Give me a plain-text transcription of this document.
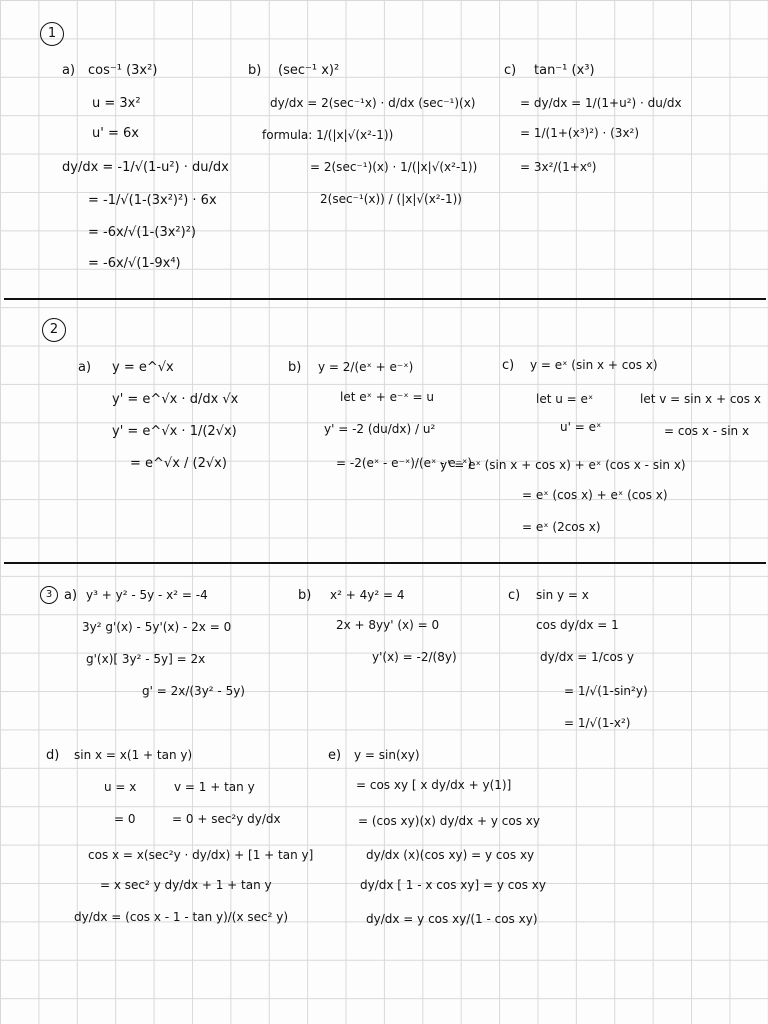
1
a) cos⁻¹ (3x²)
u = 3x²
u' = 6x
dy/dx = -1/√(1-u²) · du/dx
= -1/√(1-(3x²)²) · 6x
= -6x/√(1-(3x²)²)
= -6x/√(1-9x⁴)
b) (sec⁻¹ x)²
dy/dx = 2(sec⁻¹x) · d/dx (sec⁻¹)(x)
formula: 1/(|x|√(x²-1))
= 2(sec⁻¹)(x) · 1/(|x|√(x²-1))
2(sec⁻¹(x)) / (|x|√(x²-1))
c) tan⁻¹ (x³)
= dy/dx = 1/(1+u²) · du/dx
= 1/(1+(x³)²) · (3x²)
= 3x²/(1+x⁶)
2
a) y = e^√x
y' = e^√x · d/dx √x
y' = e^√x · 1/(2√x)
= e^√x / (2√x)
b) y = 2/(eˣ + e⁻ˣ)
let eˣ + e⁻ˣ = u
y' = -2 (du/dx) / u²
= -2(eˣ - e⁻ˣ)/(eˣ - e⁻ˣ)
c) y = eˣ (sin x + cos x)
let u = eˣ	let v = sin x + cos x
u' = eˣ	= cos x - sin x
y' = eˣ (sin x + cos x) + eˣ (cos x - sin x)
= eˣ (cos x) + eˣ (cos x)
= eˣ (2cos x)
3 a) y³ + y² - 5y - x² = -4
3y² g'(x) - 5y'(x) - 2x = 0
g'(x)[ 3y² - 5y] = 2x
g' = 2x/(3y² - 5y)
b) x² + 4y² = 4
2x + 8yy' (x) = 0
y'(x) = -2/(8y)
c) sin y = x
cos dy/dx = 1
dy/dx = 1/cos y
= 1/√(1-sin²y)
= 1/√(1-x²)
d) sin x = x(1 + tan y)
u = x	v = 1 + tan y
= 0	= 0 + sec²y dy/dx
cos x = x(sec²y · dy/dx) + [1 + tan y]
= x sec² y dy/dx + 1 + tan y
dy/dx = (cos x - 1 - tan y)/(x sec² y)
e) y = sin(xy)
= cos xy [ x dy/dx + y(1)]
= (cos xy)(x) dy/dx + y cos xy
dy/dx (x)(cos xy) = y cos xy
dy/dx [ 1 - x cos xy] = y cos xy
dy/dx = y cos xy/(1 - cos xy)
